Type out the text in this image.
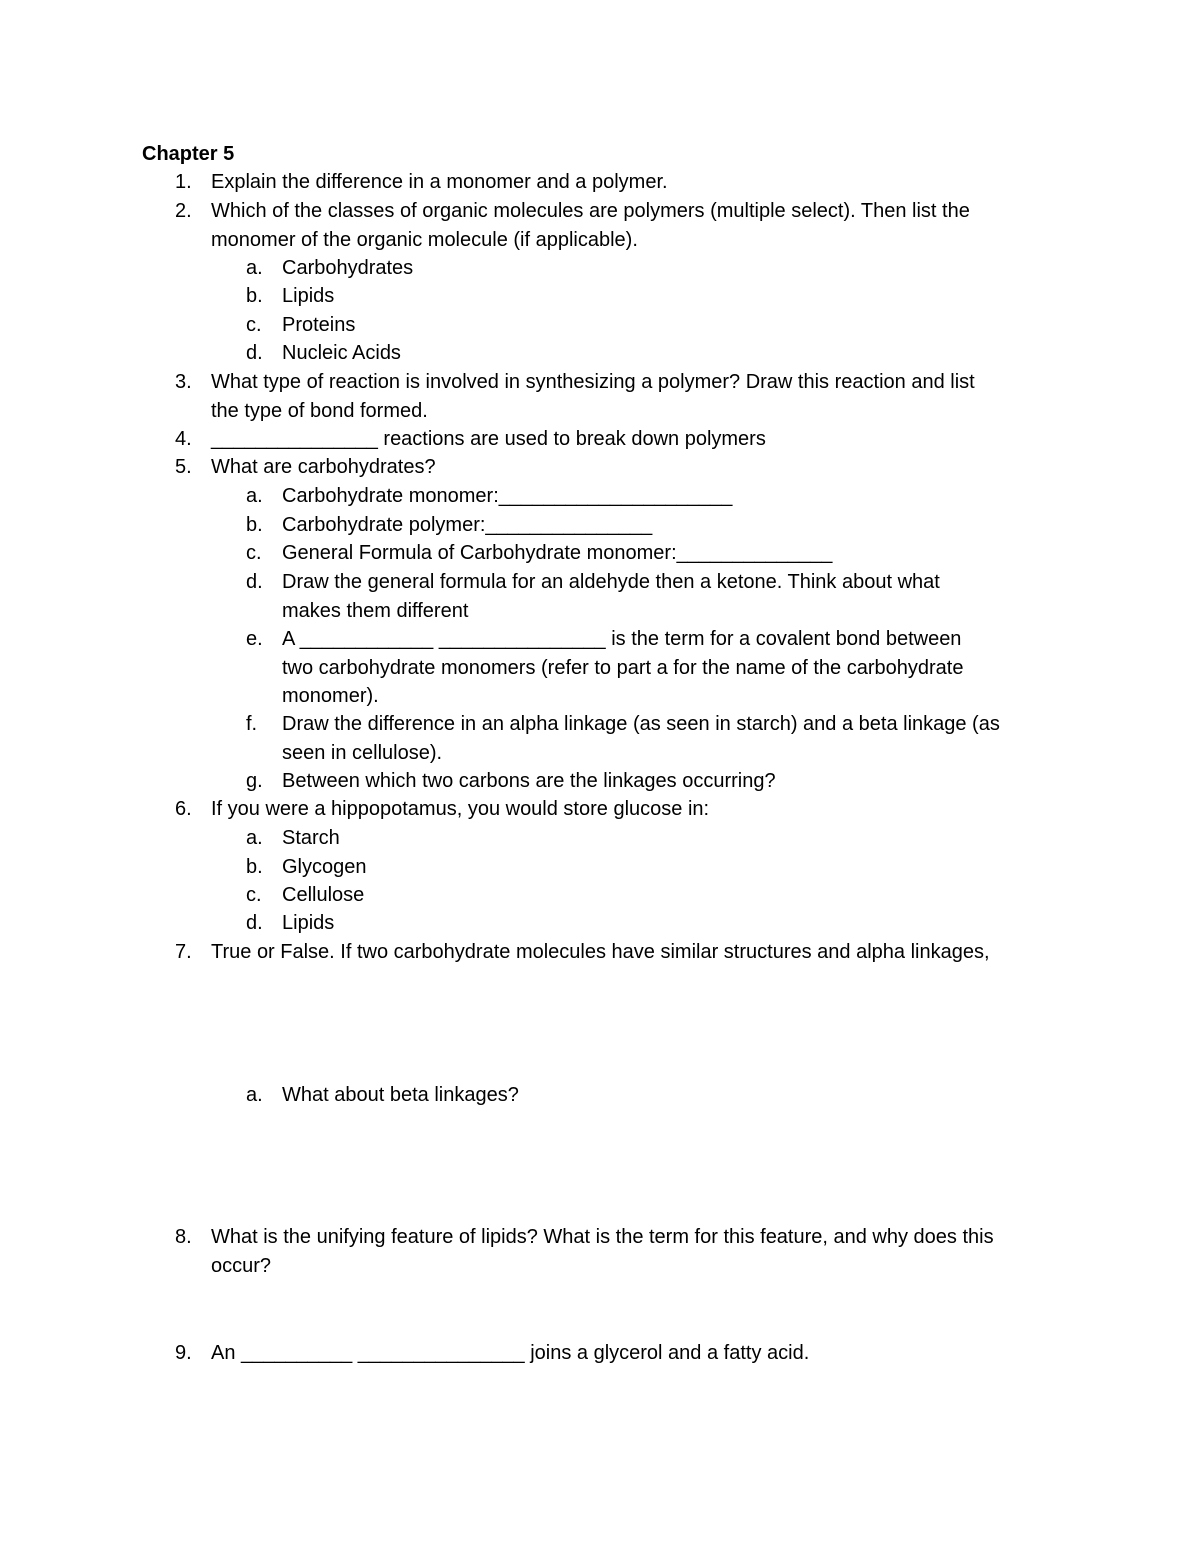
Chapter 5
1. Explain the difference in a monomer and a polymer.
2. Which of the classes of organic molecules are polymers (multiple select). Then list the
monomer of the organic molecule (if applicable).
a. Carbohydrates
b. Lipids
c.	Proteins
d. Nucleic Acids
3. What type of reaction is involved in synthesizing a polymer? Draw this reaction and list
the type of bond formed.
4. _______________ reactions are used to break down polymers
5. What are carbohydrates?
a. Carbohydrate monomer:_____________________
b. Carbohydrate polymer:_______________
c.	General Formula of Carbohydrate monomer:______________
d. Draw the general formula for an aldehyde then a ketone. Think about what
makes them different
e. A ____________ _______________ is the term for a covalent bond between
two carbohydrate monomers (refer to part a for the name of the carbohydrate
monomer).
f.	Draw the difference in an alpha linkage (as seen in starch) and a beta linkage (as
seen in cellulose).
g. Between which two carbons are the linkages occurring?
6. If you were a hippopotamus, you would store glucose in:
a. Starch
b. Glycogen
c.	Cellulose
d. Lipids
7. True or False. If two carbohydrate molecules have similar structures and alpha linkages,
a. What about beta linkages?
8. What is the unifying feature of lipids? What is the term for this feature, and why does this
occur?
9. An __________ _______________ joins a glycerol and a fatty acid.
